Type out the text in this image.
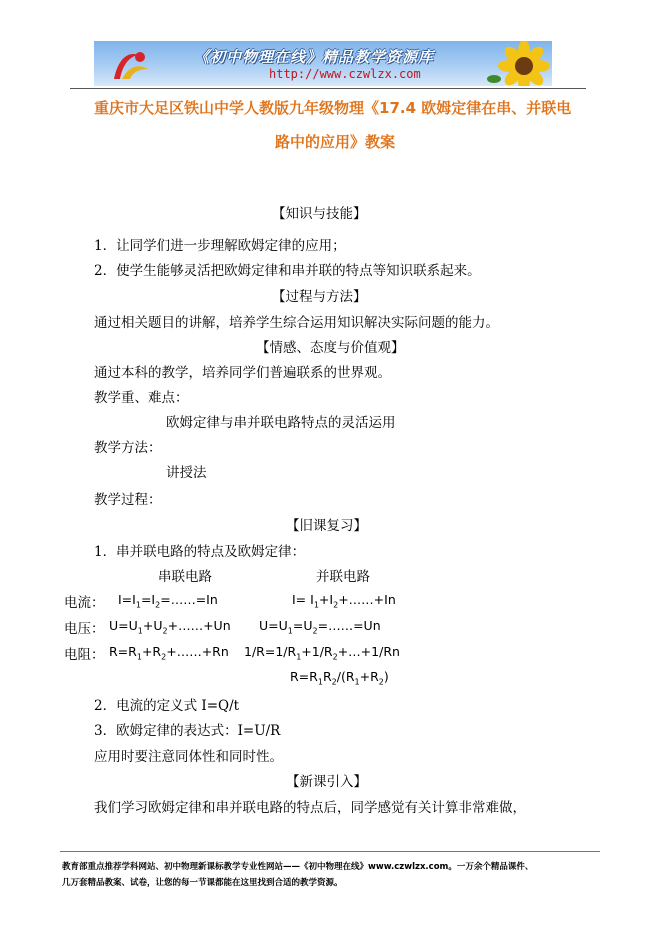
《初中物理在线》精品教学资源库
http://www.czwlzx.com
重庆市大足区铁山中学人教版九年级物理《17.4 欧姆定律在串、并联电
路中的应用》教案
【知识与技能】
1．让同学们进一步理解欧姆定律的应用；
2．使学生能够灵活把欧姆定律和串并联的特点等知识联系起来。
【过程与方法】
通过相关题目的讲解，培养学生综合运用知识解决实际问题的能力。
【情感、态度与价值观】
通过本科的教学，培养同学们普遍联系的世界观。
教学重、难点：
欧姆定律与串并联电路特点的灵活运用
教学方法：
讲授法
教学过程：
【旧课复习】
1．串并联电路的特点及欧姆定律：
串联电路	并联电路
电流： $I=I_1=I_2=\dots\dots=In$	$I= I_1+I_2+\dots\dots+In$
电压： $U=U_1+U_2+\dots\dots+Un$ $U=U_1=U_2=\dots\dots=Un$
电阻： $R=R_1+R_2+\dots\dots+Rn$ $1/R=1/R_1+1/R_2+\dots+1/Rn$
$R=R_1R_2/(R_1+R_2)$
2．电流的定义式 I=Q/t
3．欧姆定律的表达式：I=U/R
应用时要注意同体性和同时性。
【新课引入】
我们学习欧姆定律和串并联电路的特点后，同学感觉有关计算非常难做，
教育部重点推荐学科网站、初中物理新课标教学专业性网站——《初中物理在线》www.czwlzx.com。一万余个精品课件、
几万套精品教案、试卷，让您的每一节课都能在这里找到合适的教学资源。
